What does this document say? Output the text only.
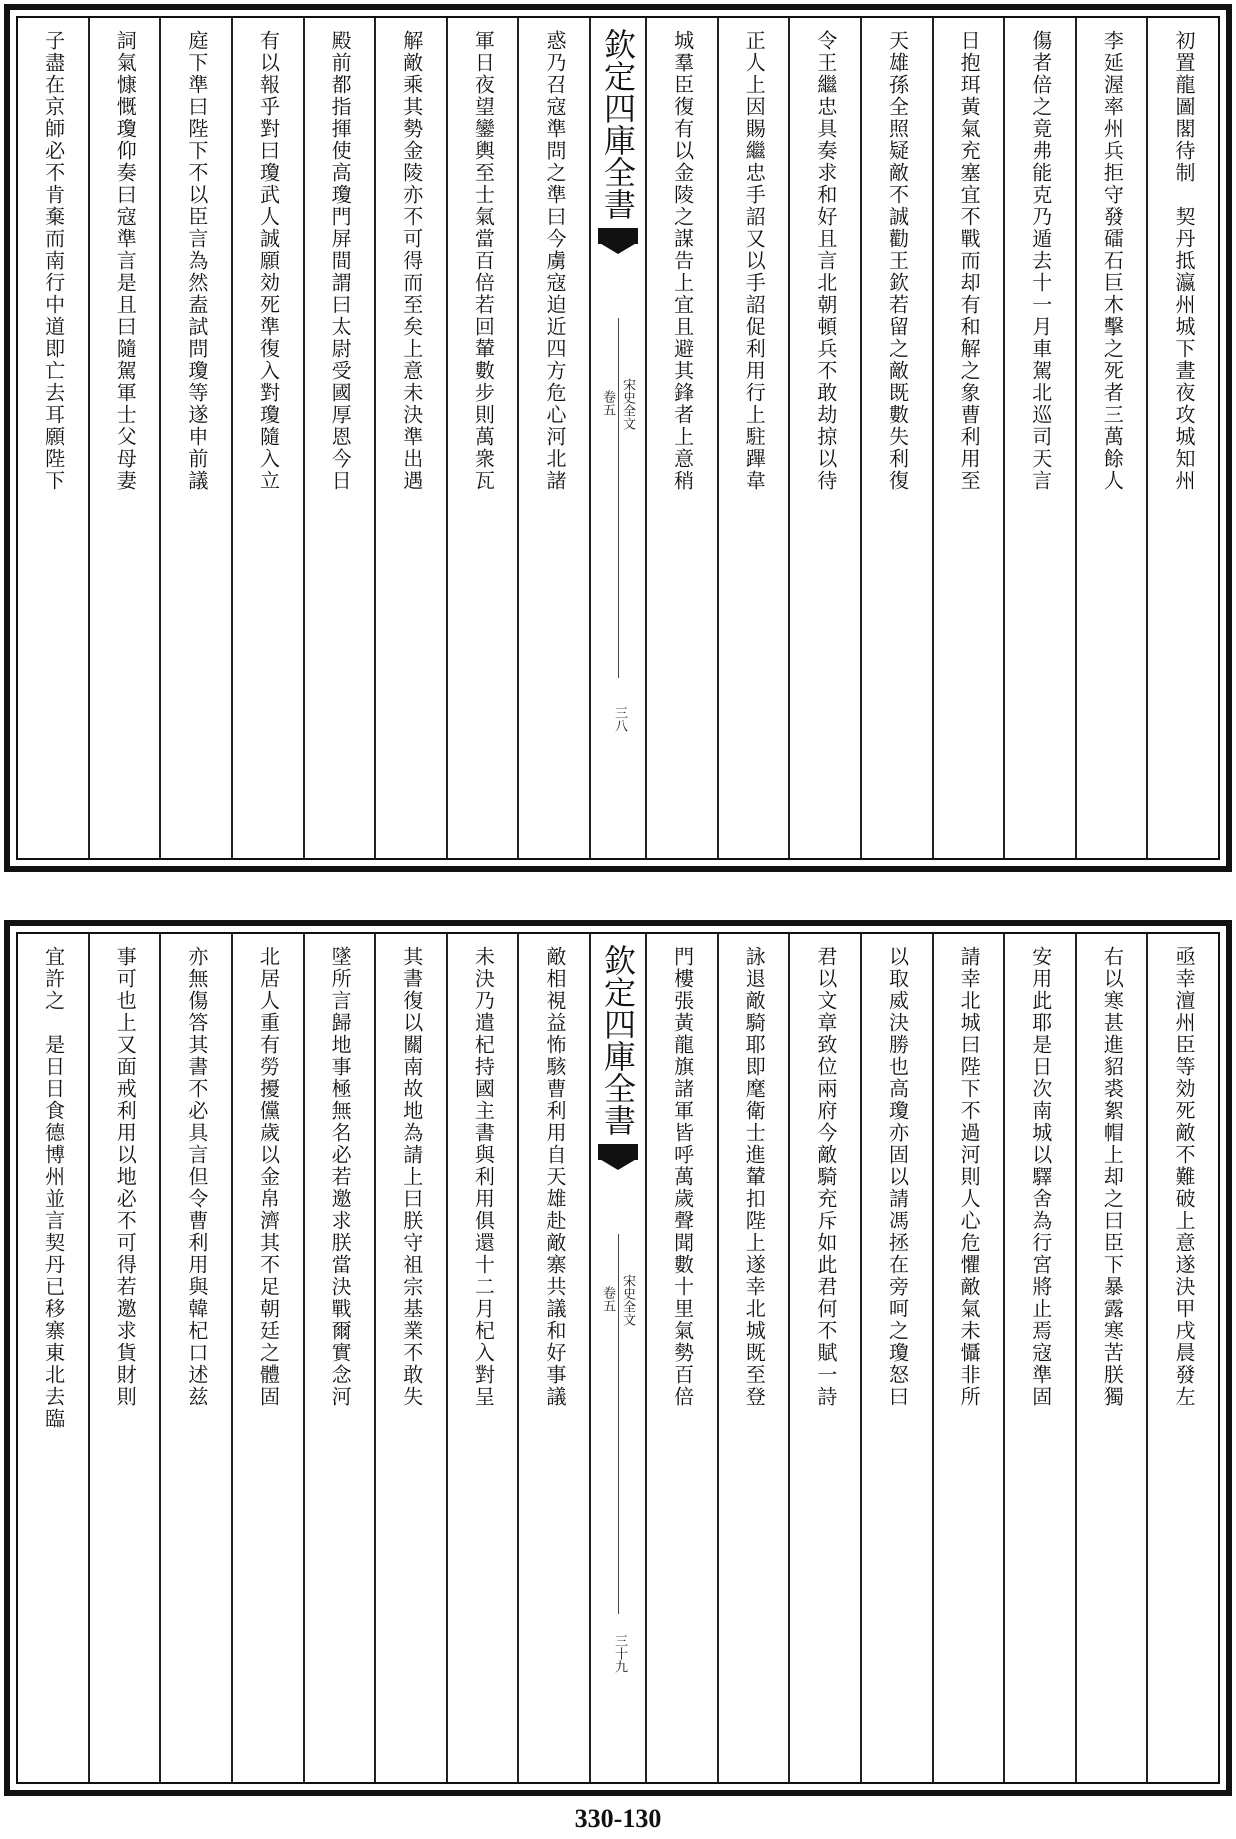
初置龍圖閣待制　契丹抵瀛州城下晝夜攻城知州
李延渥率州兵拒守發礌石巨木擊之死者三萬餘人
傷者倍之竟弗能克乃遁去十一月車駕北巡司天言
日抱珥黃氣充塞宜不戰而却有和解之象曹利用至
天雄孫全照疑敵不誠勸王欽若留之敵既數失利復
令王繼忠具奏求和好且言北朝頓兵不敢劫掠以待
正人上因賜繼忠手詔又以手詔促利用行上駐蹕韋
城羣臣復有以金陵之謀告上宜且避其鋒者上意稍
欽定四庫全書
宋史全文
卷五
三八
惑乃召寇準問之準曰今虜寇迫近四方危心河北諸
軍日夜望鑾輿至士氣當百倍若回輦數步則萬衆瓦
解敵乘其勢金陵亦不可得而至矣上意未決準出遇
殿前都指揮使高瓊門屏間謂曰太尉受國厚恩今日
有以報乎對曰瓊武人誠願効死準復入對瓊隨入立
庭下準曰陛下不以臣言為然盍試問瓊等遂申前議
詞氣慷慨瓊仰奏曰寇準言是且曰隨駕軍士父母妻
子盡在京師必不肯棄而南行中道即亡去耳願陛下
亟幸澶州臣等効死敵不難破上意遂決甲戌晨發左
右以寒甚進貂裘絮帽上却之曰臣下暴露寒苦朕獨
安用此耶是日次南城以驛舍為行宮將止焉寇準固
請幸北城曰陛下不過河則人心危懼敵氣未懾非所
以取威決勝也高瓊亦固以請馮拯在旁呵之瓊怒曰
君以文章致位兩府今敵騎充斥如此君何不賦一詩
詠退敵騎耶即麾衛士進輦扣陛上遂幸北城既至登
門樓張黃龍旗諸軍皆呼萬歲聲聞數十里氣勢百倍
欽定四庫全書
宋史全文
卷五
三十九
敵相視益怖駭曹利用自天雄赴敵寨共議和好事議
未決乃遣杞持國主書與利用俱還十二月杞入對呈
其書復以關南故地為請上曰朕守祖宗基業不敢失
墜所言歸地事極無名必若邀求朕當決戰爾實念河
北居人重有勞擾儻歲以金帛濟其不足朝廷之體固
亦無傷答其書不必具言但令曹利用與韓杞口述兹
事可也上又面戒利用以地必不可得若邀求貨財則
宜許之　是日日食德博州並言契丹已移寨東北去臨
330-130
